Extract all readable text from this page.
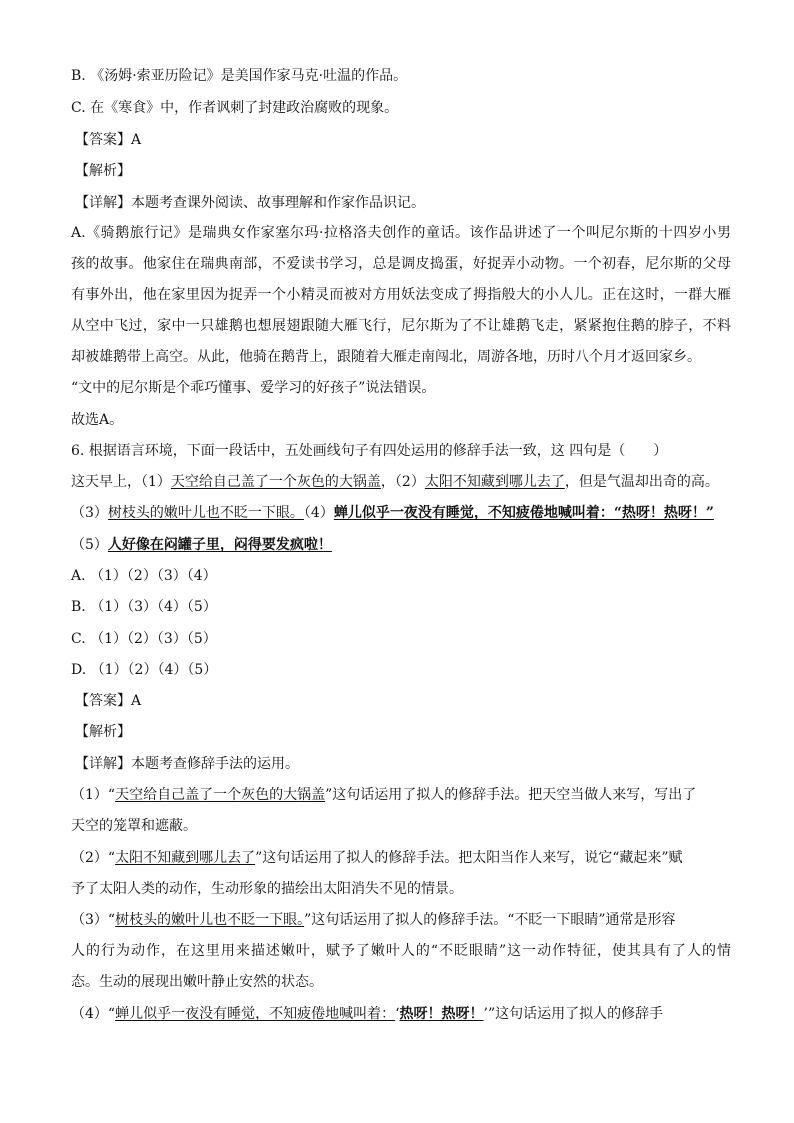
B. 《汤姆·索亚历险记》是美国作家马克·吐温的作品。
C. 在《寒食》中，作者讽刺了封建政治腐败的现象。
【答案】A
【解析】
【详解】本题考查课外阅读、故事理解和作家作品识记。
A.《骑鹅旅行记》是瑞典女作家塞尔玛·拉格洛夫创作的童话。该作品讲述了一个叫尼尔斯的十四岁小男
孩的故事。他家住在瑞典南部，不爱读书学习，总是调皮捣蛋，好捉弄小动物。一个初春，尼尔斯的父母
有事外出，他在家里因为捉弄一个小精灵而被对方用妖法变成了拇指般大的小人儿。正在这时，一群大雁
从空中飞过，家中一只雄鹅也想展翅跟随大雁飞行，尼尔斯为了不让雄鹅飞走，紧紧抱住鹅的脖子，不料
却被雄鹅带上高空。从此，他骑在鹅背上，跟随着大雁走南闯北，周游各地，历时八个月才返回家乡。
“文中的尼尔斯是个乖巧懂事、爱学习的好孩子”说法错误。
故选A。
6. 根据语言环境，下面一段话中，五处画线句子有四处运用的修辞手法一致，这 四句是（　　）
这天早上，（1）天空给自己盖了一个灰色的大锅盖，（2）太阳不知藏到哪儿去了，但是气温却出奇的高。
（3）树枝头的嫩叶儿也不眨一下眼。（4）蝉儿似乎一夜没有睡觉，不知疲倦地喊叫着：“热呀！热呀！”
（5）人好像在闷罐子里，闷得要发疯啦！
A. （1）（2）（3）（4）
B. （1）（3）（4）（5）
C. （1）（2）（3）（5）
D. （1）（2）（4）（5）
【答案】A
【解析】
【详解】本题考查修辞手法的运用。
（1）“天空给自己盖了一个灰色的大锅盖”这句话运用了拟人的修辞手法。把天空当做人来写，写出了
天空的笼罩和遮蔽。
（2）“太阳不知藏到哪儿去了”这句话运用了拟人的修辞手法。把太阳当作人来写，说它“藏起来”赋
予了太阳人类的动作，生动形象的描绘出太阳消失不见的情景。
（3）“树枝头的嫩叶儿也不眨一下眼。”这句话运用了拟人的修辞手法。“不眨一下眼睛”通常是形容
人的行为动作，在这里用来描述嫩叶，赋予了嫩叶人的“不眨眼睛”这一动作特征，使其具有了人的情
态。生动的展现出嫩叶静止安然的状态。
（4）“蝉儿似乎一夜没有睡觉，不知疲倦地喊叫着：‘热呀！热呀！’”这句话运用了拟人的修辞手
